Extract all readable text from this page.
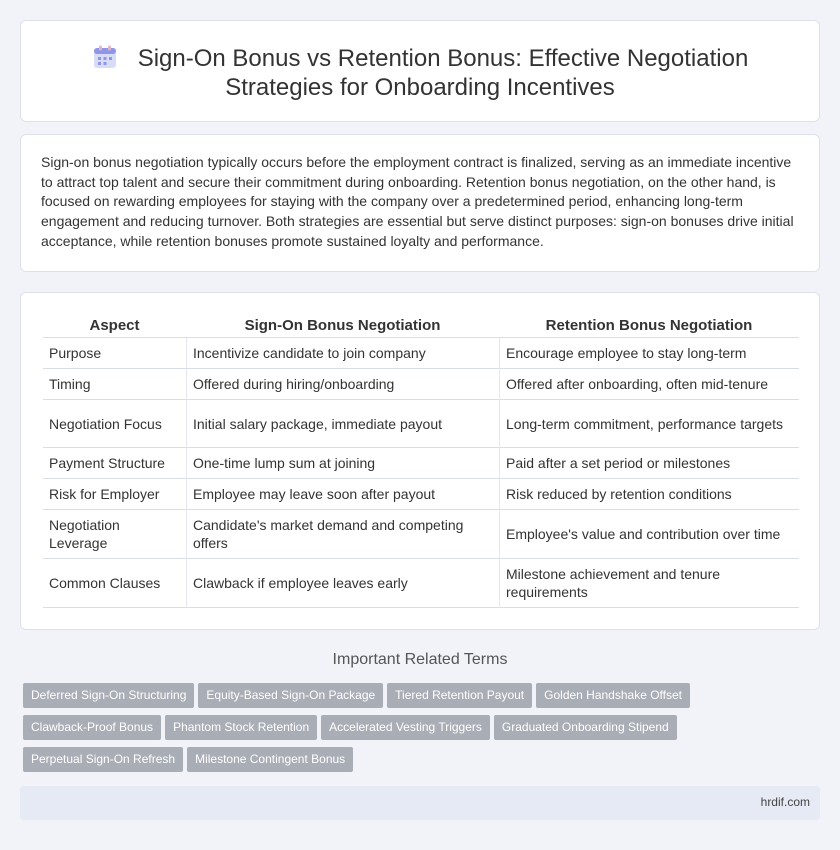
Sign-On Bonus vs Retention Bonus: Effective Negotiation
Strategies for Onboarding Incentives

Sign-on bonus negotiation typically occurs before the employment contract is finalized, serving as an immediate incentive to attract top talent and secure their commitment during onboarding. Retention bonus negotiation, on the other hand, is focused on rewarding employees for staying with the company over a predetermined period, enhancing long-term engagement and reducing turnover. Both strategies are essential but serve distinct purposes: sign-on bonuses drive initial acceptance, while retention bonuses promote sustained loyalty and performance.

Aspect	Sign-On Bonus Negotiation	Retention Bonus Negotiation
Purpose	Incentivize candidate to join company	Encourage employee to stay long-term
Timing	Offered during hiring/onboarding	Offered after onboarding, often mid-tenure
Negotiation Focus	Initial salary package, immediate payout	Long-term commitment, performance targets
Payment Structure	One-time lump sum at joining	Paid after a set period or milestones
Risk for Employer	Employee may leave soon after payout	Risk reduced by retention conditions
Negotiation Leverage	Candidate's market demand and competing offers	Employee's value and contribution over time
Common Clauses	Clawback if employee leaves early	Milestone achievement and tenure requirements
Important Related Terms
Deferred Sign-On Structuring Equity-Based Sign-On Package Tiered Retention Payout Golden Handshake Offset
Clawback-Proof Bonus Phantom Stock Retention Accelerated Vesting Triggers Graduated Onboarding Stipend
Perpetual Sign-On Refresh Milestone Contingent Bonus
hrdif.com
